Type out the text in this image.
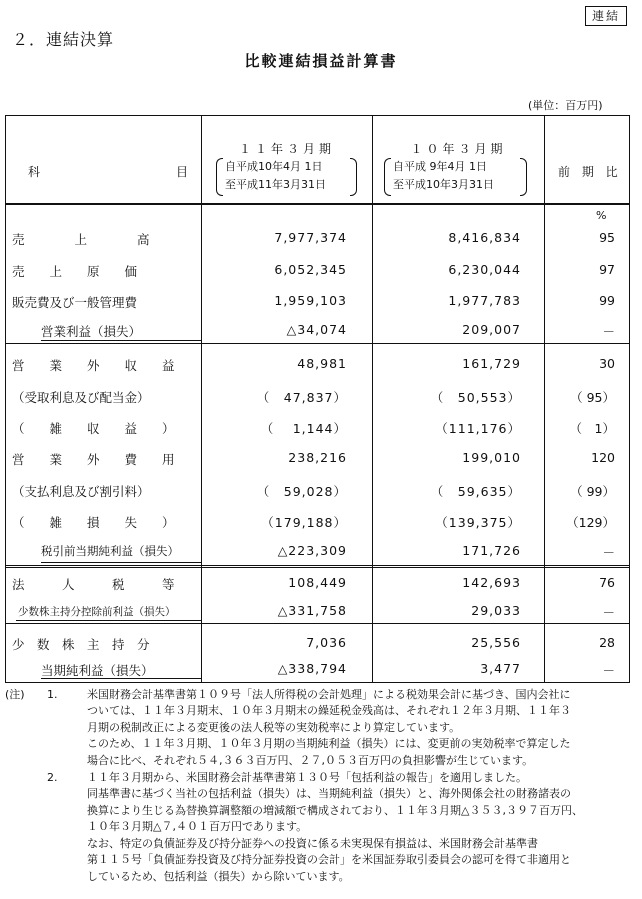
連結
２．連結決算
比較連結損益計算書
(単位：百万円)
科	目
１１年３月期
自平成10年4月 1日
至平成11年3月31日
１０年３月期
自平成 9年4月 1日
至平成10年3月31日
前 期 比
%
売　　　　上　　　　高	7,977,374	8,416,834	95
売　　上　　原　　価	6,052,345	6,230,044	97
販売費及び一般管理費	1,959,103	1,977,783	99
営業利益（損失）	△34,074	209,007	－
営　　業　　外　　収　　益	48,981	161,729	30
（受取利息及び配当金）	（　47,837）	（　50,553）	（ 95）
（　　雑　　収　　益　　）	（　 1,144）	（111,176）	（　1）
営　　業　　外　　費　　用	238,216	199,010	120
（支払利息及び割引料）	（　59,028）	（　59,635）	（ 99）
（　　雑　　損　　失　　）	（179,188）	（139,375）	（129）
税引前当期純利益（損失）	△223,309	171,726	－
法　　　人　　　税　　　等	108,449	142,693	76
少数株主持分控除前利益（損失）	△331,758	29,033	－
少　数　株　主　持　分	7,036	25,556	28
当期純利益（損失）	△338,794	3,477	－
(注) 1.	米国財務会計基準書第１０９号「法人所得税の会計処理」による税効果会計に基づき、国内会社に
ついては、１１年３月期末、１０年３月期末の繰延税金残高は、それぞれ１２年３月期、１１年３
月期の税制改正による変更後の法人税等の実効税率により算定しています。
このため、１１年３月期、１０年３月期の当期純利益（損失）には、変更前の実効税率で算定した
場合に比べ、それぞれ５４,３６３百万円、２７,０５３百万円の負担影響が生じています。
2.	１１年３月期から、米国財務会計基準書第１３０号「包括利益の報告」を適用しました。
同基準書に基づく当社の包括利益（損失）は、当期純利益（損失）と、海外関係会社の財務諸表の
換算により生じる為替換算調整額の増減額で構成されており、１１年３月期△３５３,３９７百万円、
１０年３月期△７,４０１百万円であります。
なお、特定の負債証券及び持分証券への投資に係る未実現保有損益は、米国財務会計基準書
第１１５号「負債証券投資及び持分証券投資の会計」を米国証券取引委員会の認可を得て非適用と
しているため、包括利益（損失）から除いています。
